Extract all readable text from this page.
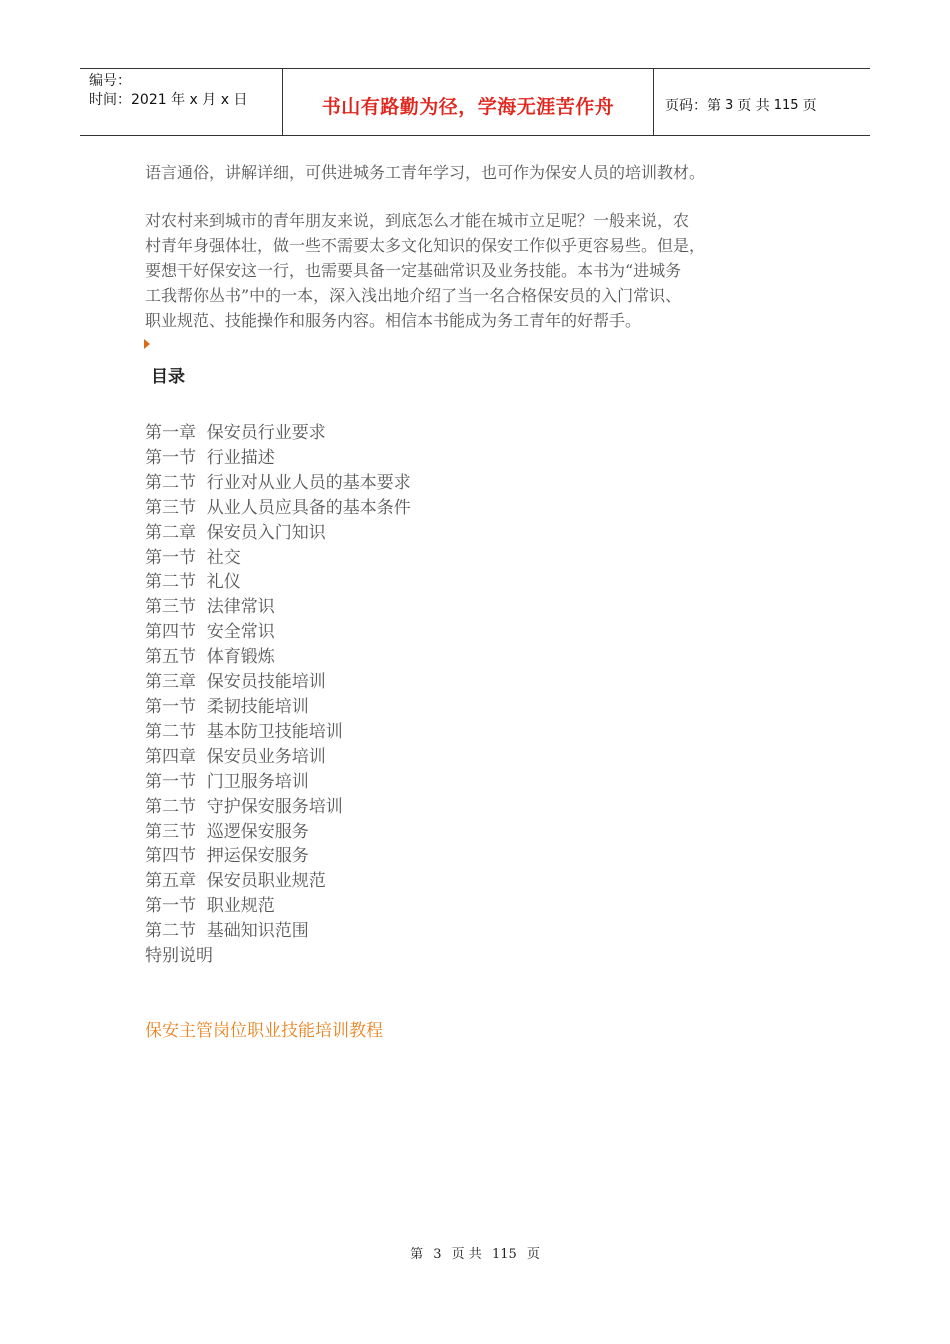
编号：
时间：2021 年 x 月 x 日	书山有路勤为径，学海无涯苦作舟	页码：第 3 页 共 115 页
语言通俗，讲解详细，可供进城务工青年学习，也可作为保安人员的培训教材。
对农村来到城市的青年朋友来说，到底怎么才能在城市立足呢？一般来说，农
村青年身强体壮，做一些不需要太多文化知识的保安工作似乎更容易些。但是，
要想干好保安这一行，也需要具备一定基础常识及业务技能。本书为“进城务
工我帮你丛书”中的一本，深入浅出地介绍了当一名合格保安员的入门常识、
职业规范、技能操作和服务内容。相信本书能成为务工青年的好帮手。
目录
第一章  保安员行业要求
第一节  行业描述
第二节  行业对从业人员的基本要求
第三节  从业人员应具备的基本条件
第二章  保安员入门知识
第一节  社交
第二节  礼仪
第三节  法律常识
第四节  安全常识
第五节  体育锻炼
第三章  保安员技能培训
第一节  柔韧技能培训
第二节  基本防卫技能培训
第四章  保安员业务培训
第一节  门卫服务培训
第二节  守护保安服务培训
第三节  巡逻保安服务
第四节  押运保安服务
第五章  保安员职业规范
第一节  职业规范
第二节  基础知识范围
特别说明
保安主管岗位职业技能培训教程
第 3 页 共 115 页
